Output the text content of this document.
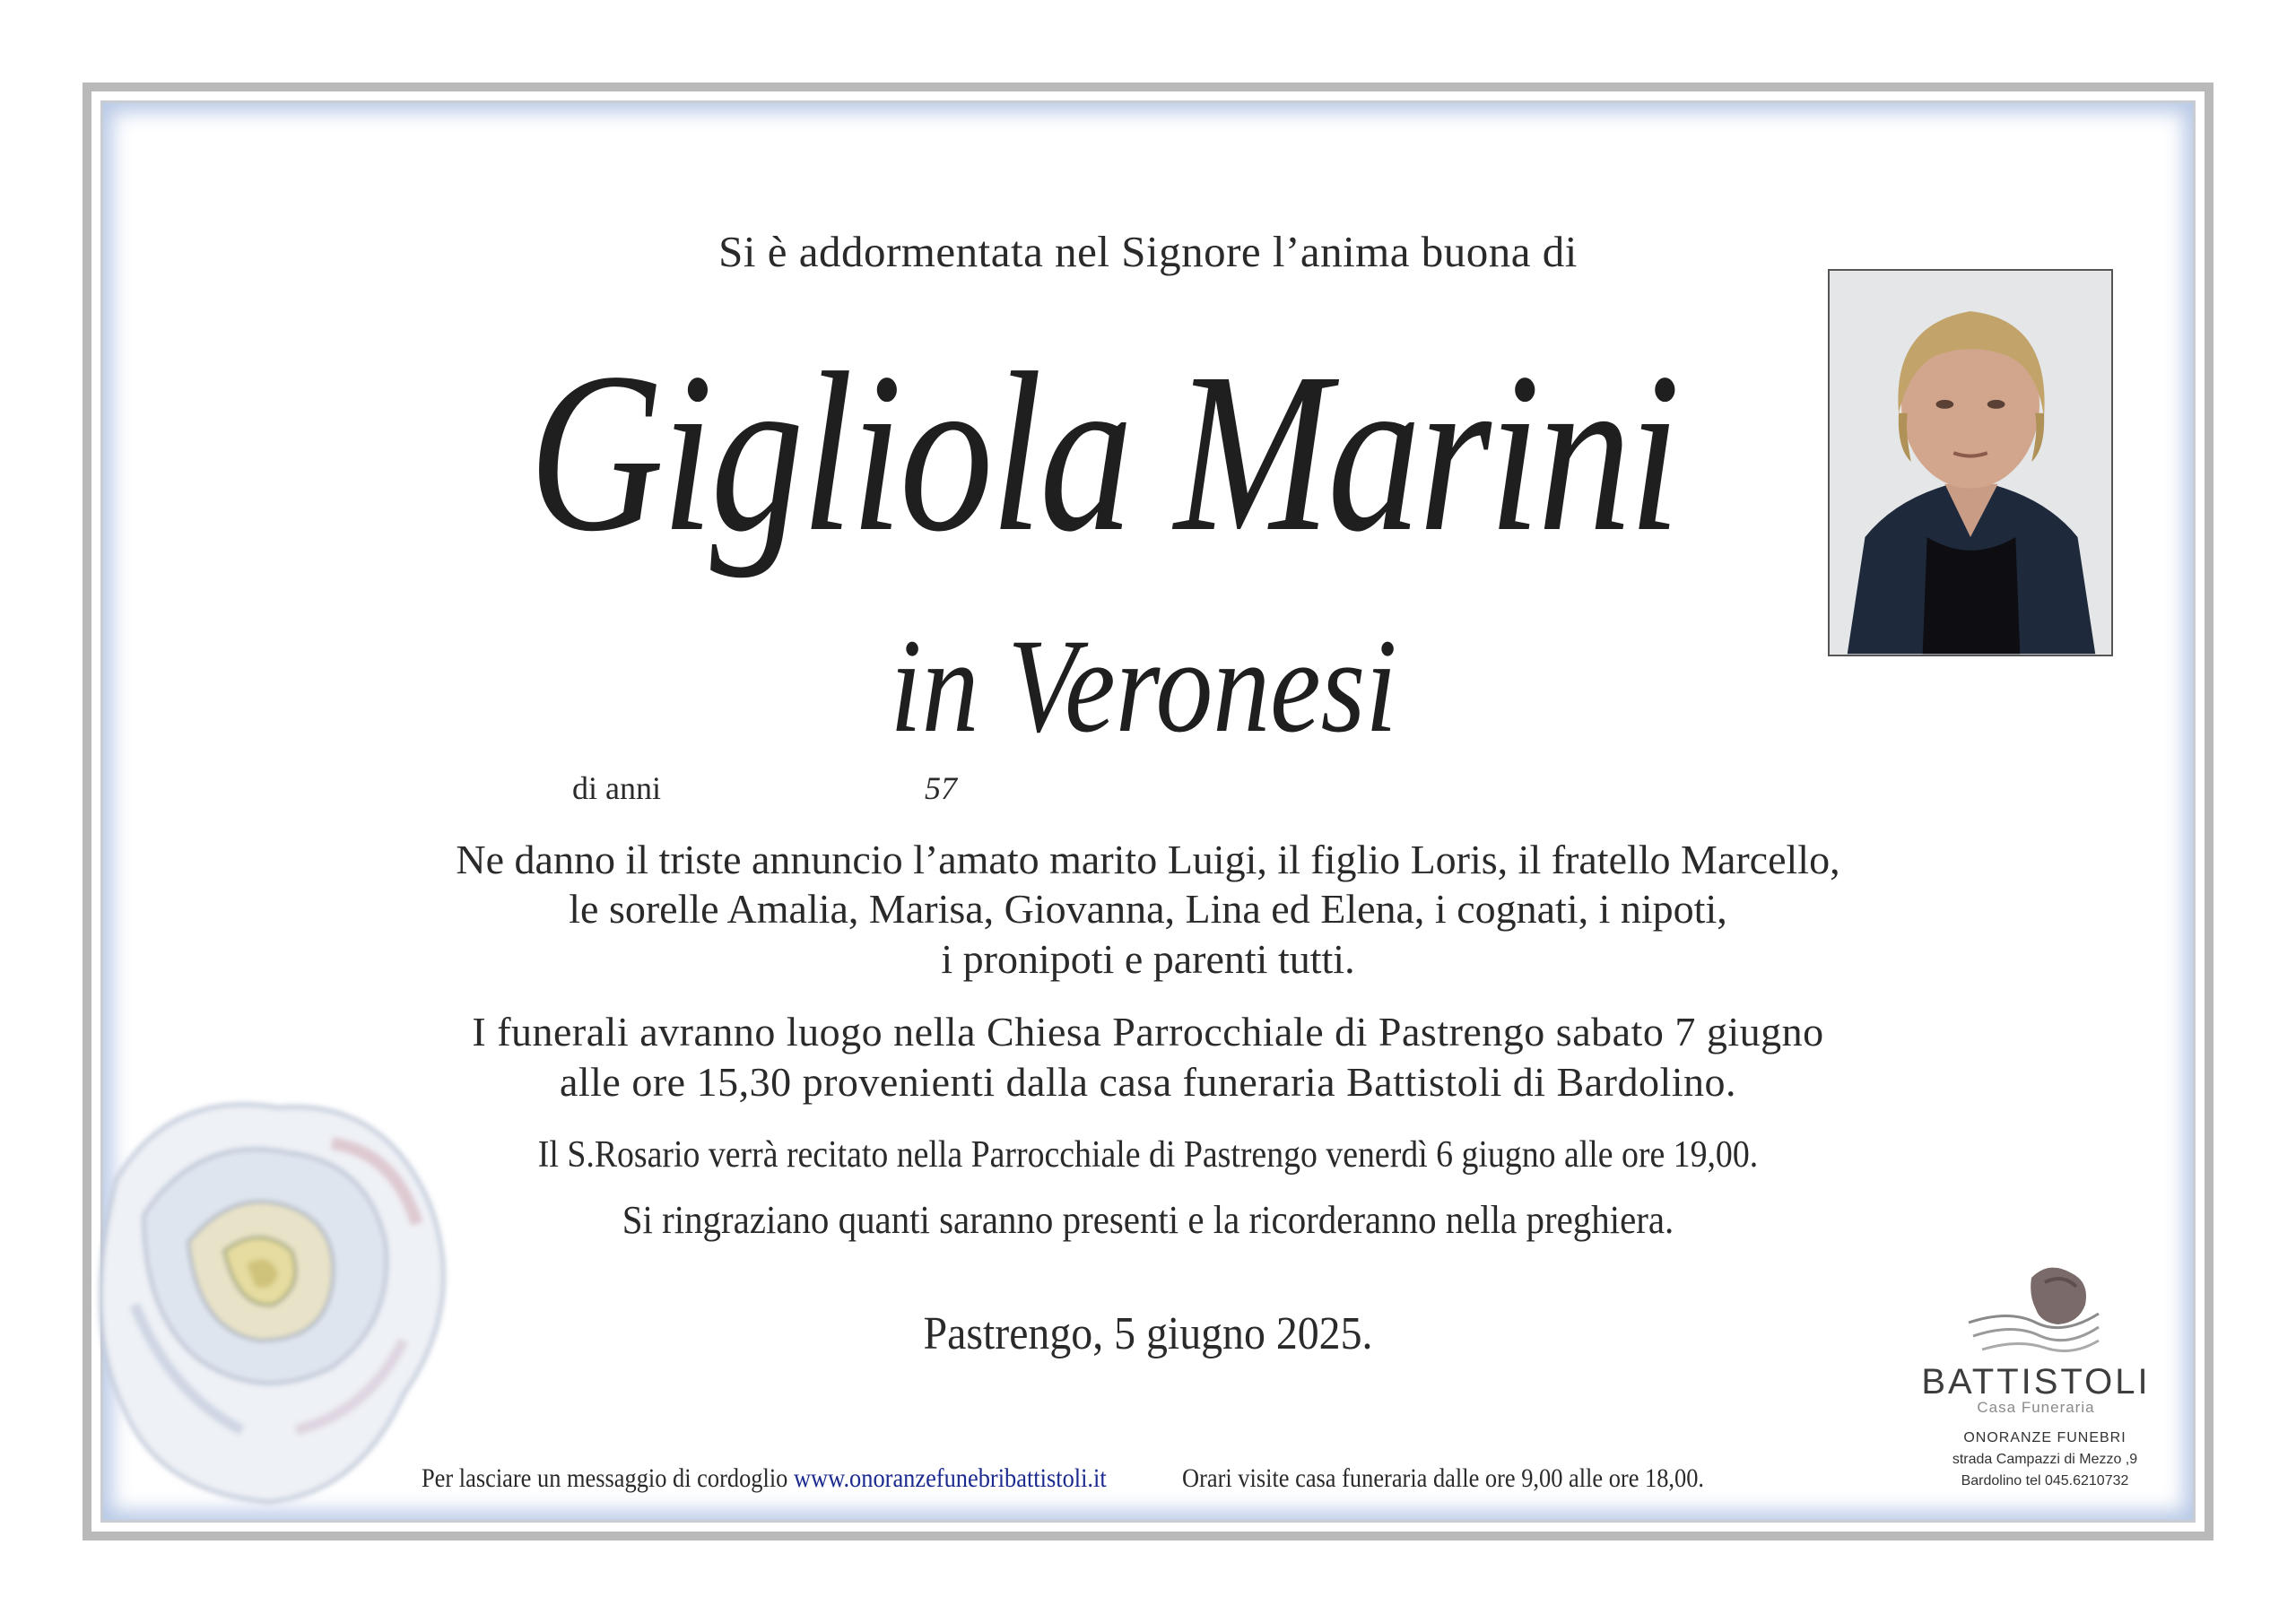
Si è addormentata nel Signore l’anima buona di
Gigliola Marini
in Veronesi
di anni	57
Ne danno il triste annuncio l’amato marito Luigi, il figlio Loris, il fratello Marcello,
le sorelle Amalia, Marisa, Giovanna, Lina ed Elena, i cognati, i nipoti,
i pronipoti e parenti tutti.
I funerali avranno luogo nella Chiesa Parrocchiale di Pastrengo sabato 7 giugno
alle ore 15,30 provenienti dalla casa funeraria Battistoli di Bardolino.
Il S.Rosario verrà recitato nella Parrocchiale di Pastrengo venerdì 6 giugno alle ore 19,00.
Si ringraziano quanti saranno presenti e la ricorderanno nella preghiera.
Pastrengo, 5 giugno 2025.
Per lasciare un messaggio di cordoglio www.onoranzefunebribattistoli.it	Orari visite casa funeraria dalle ore 9,00 alle ore 18,00.
BATTISTOLI
Casa Funeraria
ONORANZE FUNEBRI
strada Campazzi di Mezzo ,9
Bardolino tel 045.6210732
